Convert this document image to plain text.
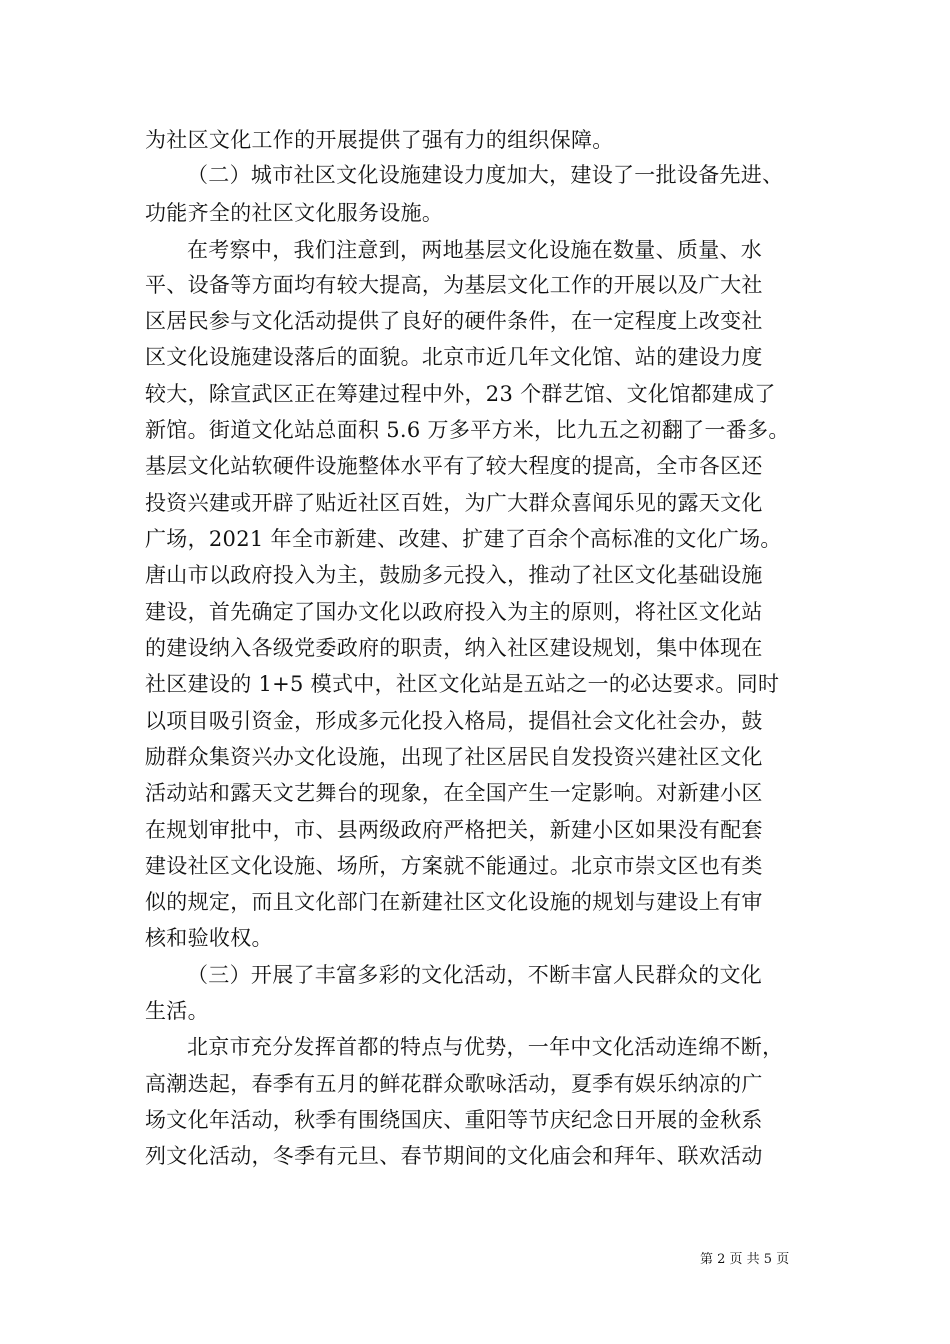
为社区文化工作的开展提供了强有力的组织保障。
（二）城市社区文化设施建设力度加大，建设了一批设备先进、
功能齐全的社区文化服务设施。
在考察中，我们注意到，两地基层文化设施在数量、质量、水
平、设备等方面均有较大提高，为基层文化工作的开展以及广大社
区居民参与文化活动提供了良好的硬件条件，在一定程度上改变社
区文化设施建设落后的面貌。北京市近几年文化馆、站的建设力度
较大，除宣武区正在筹建过程中外，23 个群艺馆、文化馆都建成了
新馆。街道文化站总面积 5.6 万多平方米，比九五之初翻了一番多。
基层文化站软硬件设施整体水平有了较大程度的提高，全市各区还
投资兴建或开辟了贴近社区百姓，为广大群众喜闻乐见的露天文化
广场，2021 年全市新建、改建、扩建了百余个高标准的文化广场。
唐山市以政府投入为主，鼓励多元投入，推动了社区文化基础设施
建设，首先确定了国办文化以政府投入为主的原则，将社区文化站
的建设纳入各级党委政府的职责，纳入社区建设规划，集中体现在
社区建设的 1+5 模式中，社区文化站是五站之一的必达要求。同时
以项目吸引资金，形成多元化投入格局，提倡社会文化社会办，鼓
励群众集资兴办文化设施，出现了社区居民自发投资兴建社区文化
活动站和露天文艺舞台的现象，在全国产生一定影响。对新建小区
在规划审批中，市、县两级政府严格把关，新建小区如果没有配套
建设社区文化设施、场所，方案就不能通过。北京市崇文区也有类
似的规定，而且文化部门在新建社区文化设施的规划与建设上有审
核和验收权。
（三）开展了丰富多彩的文化活动，不断丰富人民群众的文化
生活。
北京市充分发挥首都的特点与优势，一年中文化活动连绵不断，
高潮迭起，春季有五月的鲜花群众歌咏活动，夏季有娱乐纳凉的广
场文化年活动，秋季有围绕国庆、重阳等节庆纪念日开展的金秋系
列文化活动，冬季有元旦、春节期间的文化庙会和拜年、联欢活动
第 2 页 共 5 页
